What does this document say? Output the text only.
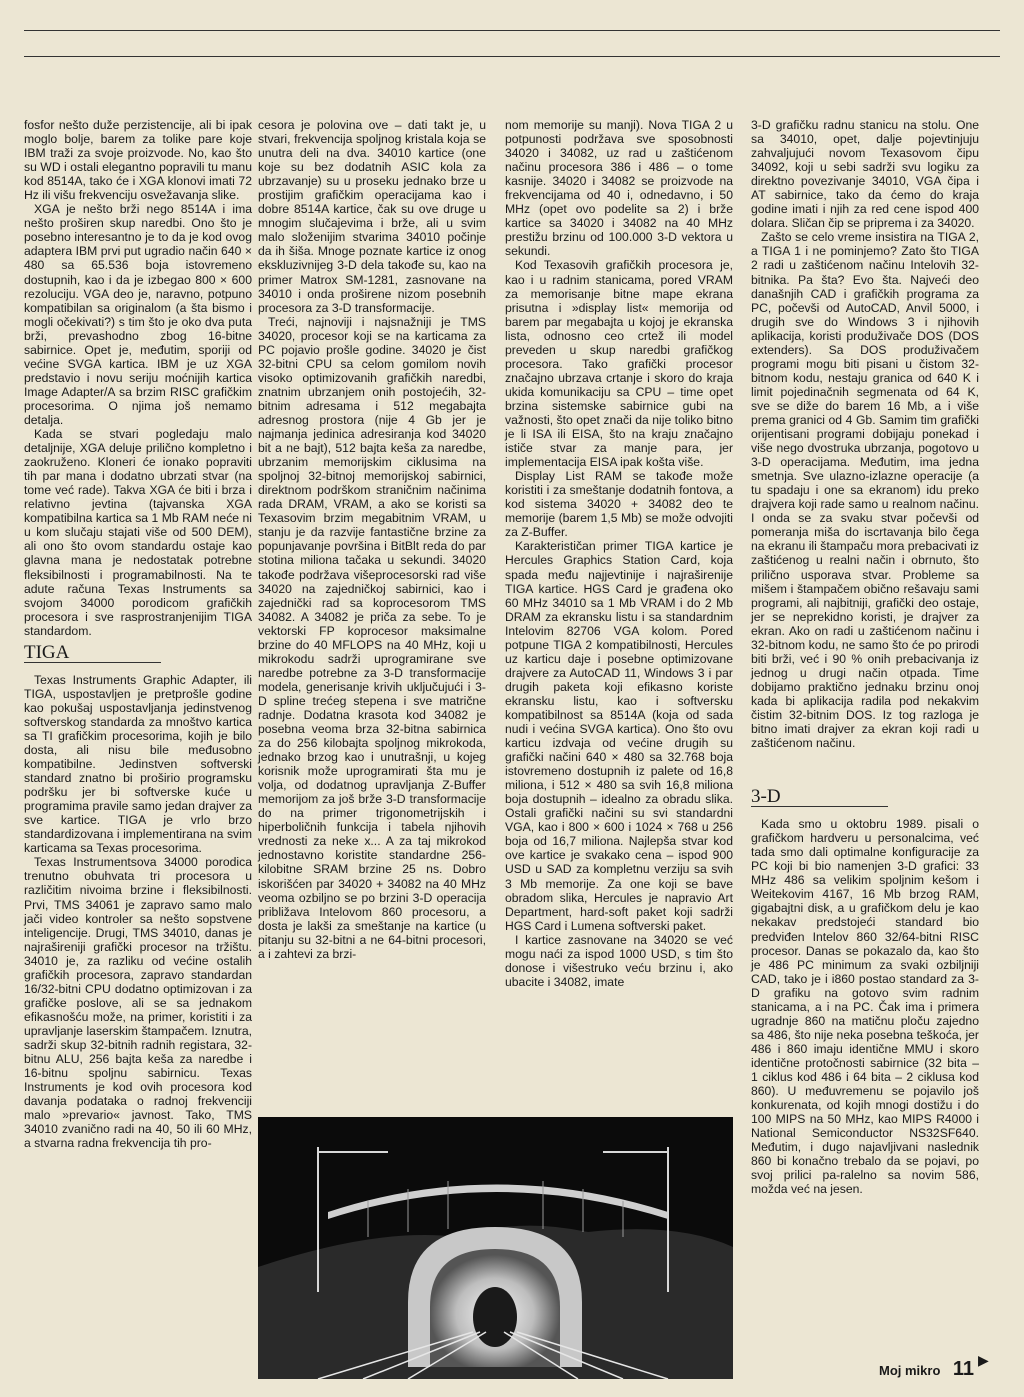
fosfor nešto duže perzistencije, ali bi ipak moglo bolje, barem za tolike pare koje IBM traži za svoje proizvode. No, kao što su WD i ostali elegantno popravili tu manu kod 8514A, tako će i XGA klonovi imati 72 Hz ili višu frekvenciju osvežavanja slike.

XGA je nešto brži nego 8514A i ima nešto proširen skup naredbi. Ono što je posebno interesantno je to da je kod ovog adaptera IBM prvi put ugradio način 640 × 480 sa 65.536 boja istovremeno dostupnih, kao i da je izbegao 800 × 600 rezoluciju. VGA deo je, naravno, potpuno kompatibilan sa originalom (a šta bismo i mogli očekivati?) s tim što je oko dva puta brži, prevashodno zbog 16-bitne sabirnice. Opet je, međutim, sporiji od većine SVGA kartica. IBM je uz XGA predstavio i novu seriju moćnijih kartica Image Adapter/A sa brzim RISC grafičkim procesorima. O njima još nemamo detalja.

Kada se stvari pogledaju malo detaljnije, XGA deluje prilično kompletno i zaokruženo. Kloneri će ionako popraviti tih par mana i dodatno ubrzati stvar (na tome već rade). Takva XGA će biti i brza i relativno jevtina (tajvanska XGA kompatibilna kartica sa 1 Mb RAM neće ni u kom slučaju stajati više od 500 DEM), ali ono što ovom standardu ostaje kao glavna mana je nedostatak potrebne fleksibilnosti i programabilnosti. Na te adute računa Texas Instruments sa svojom 34000 porodicom grafičkih procesora i sve rasprostranjenijim TIGA standardom.

TIGA

Texas Instruments Graphic Adapter, ili TIGA, uspostavljen je pretprošle godine kao pokušaj uspostavljanja jedinstvenog softverskog standarda za mnoštvo kartica sa TI grafičkim procesorima, kojih je bilo dosta, ali nisu bile međusobno kompatibilne. Jedinstven softverski standard znatno bi proširio programsku podršku jer bi softverske kuće u programima pravile samo jedan drajver za sve kartice. TIGA je vrlo brzo standardizovana i implementirana na svim karticama sa Texas procesorima.

Texas Instrumentsova 34000 porodica trenutno obuhvata tri procesora u različitim nivoima brzine i fleksibilnosti. Prvi, TMS 34061 je zapravo samo malo jači video kontroler sa nešto sopstvene inteligencije. Drugi, TMS 34010, danas je najrašireniji grafički procesor na tržištu. 34010 je, za razliku od većine ostalih grafičkih procesora, zapravo standardan 16/32-bitni CPU dodatno optimizovan i za grafičke poslove, ali se sa jednakom efikasnošću može, na primer, koristiti i za upravljanje laserskim štampačem. Iznutra, sadrži skup 32-bitnih radnih registara, 32-bitnu ALU, 256 bajta keša za naredbe i 16-bitnu spoljnu sabirnicu. Texas Instruments je kod ovih procesora kod davanja podataka o radnoj frekvenciji malo »prevario« javnost. Tako, TMS 34010 zvanično radi na 40, 50 ili 60 MHz, a stvarna radna frekvencija tih pro-

cesora je polovina ove – dati takt je, u stvari, frekvencija spoljnog kristala koja se unutra deli na dva. 34010 kartice (one koje su bez dodatnih ASIC kola za ubrzavanje) su u proseku jednako brze u prostijim grafičkim operacijama kao i dobre 8514A kartice, čak su ove druge u mnogim slučajevima i brže, ali u svim malo složenijim stvarima 34010 počinje da ih šiša. Mnoge poznate kartice iz onog ekskluzivnijeg 3-D dela takođe su, kao na primer Matrox SM-1281, zasnovane na 34010 i onda proširene nizom posebnih procesora za 3-D transformacije.

Treći, najnoviji i najsnažniji je TMS 34020, procesor koji se na karticama za PC pojavio prošle godine. 34020 je čist 32-bitni CPU sa celom gomilom novih visoko optimizovanih grafičkih naredbi, znatnim ubrzanjem onih postojećih, 32-bitnim adresama i 512 megabajta adresnog prostora (nije 4 Gb jer je najmanja jedinica adresiranja kod 34020 bit a ne bajt), 512 bajta keša za naredbe, ubrzanim memorijskim ciklusima na spoljnoj 32-bitnoj memorijskoj sabirnici, direktnom podrškom straničnim načinima rada DRAM, VRAM, a ako se koristi sa Texasovim brzim megabitnim VRAM, u stanju je da razvije fantastične brzine za popunjavanje površina i BitBlt reda do par stotina miliona tačaka u sekundi. 34020 takođe podržava višeprocesorski rad više 34020 na zajedničkoj sabirnici, kao i zajednički rad sa koprocesorom TMS 34082. A 34082 je priča za sebe. To je vektorski FP koprocesor maksimalne brzine do 40 MFLOPS na 40 MHz, koji u mikrokodu sadrži uprogramirane sve naredbe potrebne za 3-D transformacije modela, generisanje krivih uključujući i 3-D spline trećeg stepena i sve matrične radnje. Dodatna krasota kod 34082 je posebna veoma brza 32-bitna sabirnica za do 256 kilobajta spoljnog mikrokoda, jednako brzog kao i unutrašnji, u kojeg korisnik može uprogramirati šta mu je volja, od dodatnog upravljanja Z-Buffer memorijom za još brže 3-D transformacije do na primer trigonometrijskih i hiperboličnih funkcija i tabela njihovih vrednosti za neke x... A za taj mikrokod jednostavno koristite standardne 256-kilobitne SRAM brzine 25 ns. Dobro iskorišćen par 34020 + 34082 na 40 MHz veoma ozbiljno se po brzini 3-D operacija približava Intelovom 860 procesoru, a dosta je lakši za smeštanje na kartice (u pitanju su 32-bitni a ne 64-bitni procesori, a i zahtevi za brzi-

nom memorije su manji). Nova TIGA 2 u potpunosti podržava sve sposobnosti 34020 i 34082, uz rad u zaštićenom načinu procesora 386 i 486 – o tome kasnije. 34020 i 34082 se proizvode na frekvencijama od 40 i, odnedavno, i 50 MHz (opet ovo podelite sa 2) i brže kartice sa 34020 i 34082 na 40 MHz prestižu brzinu od 100.000 3-D vektora u sekundi.

Kod Texasovih grafičkih procesora je, kao i u radnim stanicama, pored VRAM za memorisanje bitne mape ekrana prisutna i »display list« memorija od barem par megabajta u kojoj je ekranska lista, odnosno ceo crtež ili model preveden u skup naredbi grafičkog procesora. Tako grafički procesor značajno ubrzava crtanje i skoro do kraja ukida komunikaciju sa CPU – time opet brzina sistemske sabirnice gubi na važnosti, što opet znači da nije toliko bitno je li ISA ili EISA, što na kraju značajno ističe stvar za manje para, jer implementacija EISA ipak košta više.

Display List RAM se takođe može koristiti i za smeštanje dodatnih fontova, a kod sistema 34020 + 34082 deo te memorije (barem 1,5 Mb) se može odvojiti za Z-Buffer.

Karakterističan primer TIGA kartice je Hercules Graphics Station Card, koja spada među najjevtinije i najraširenije TIGA kartice. HGS Card je građena oko 60 MHz 34010 sa 1 Mb VRAM i do 2 Mb DRAM za ekransku listu i sa standardnim Intelovim 82706 VGA kolom. Pored potpune TIGA 2 kompatibilnosti, Hercules uz karticu daje i posebne optimizovane drajvere za AutoCAD 11, Windows 3 i par drugih paketa koji efikasno koriste ekransku listu, kao i softversku kompatibilnost sa 8514A (koja od sada nudi i većina SVGA kartica). Ono što ovu karticu izdvaja od većine drugih su grafički načini 640 × 480 sa 32.768 boja istovremeno dostupnih iz palete od 16,8 miliona, i 512 × 480 sa svih 16,8 miliona boja dostupnih – idealno za obradu slika. Ostali grafički načini su svi standardni VGA, kao i 800 × 600 i 1024 × 768 u 256 boja od 16,7 miliona. Najlepša stvar kod ove kartice je svakako cena – ispod 900 USD u SAD za kompletnu verziju sa svih 3 Mb memorije. Za one koji se bave obradom slika, Hercules je napravio Art Department, hard-soft paket koji sadrži HGS Card i Lumena softverski paket.

I kartice zasnovane na 34020 se već mogu naći za ispod 1000 USD, s tim što donose i višestruko veću brzinu i, ako ubacite i 34082, imate

3-D grafičku radnu stanicu na stolu. One sa 34010, opet, dalje pojevtinjuju zahvaljujući novom Texasovom čipu 34092, koji u sebi sadrži svu logiku za direktno povezivanje 34010, VGA čipa i AT sabirnice, tako da ćemo do kraja godine imati i njih za red cene ispod 400 dolara. Sličan čip se priprema i za 34020.

Zašto se celo vreme insistira na TIGA 2, a TIGA 1 i ne pominjemo? Zato što TIGA 2 radi u zaštićenom načinu Intelovih 32-bitnika. Pa šta? Evo šta. Najveći deo današnjih CAD i grafičkih programa za PC, počevši od AutoCAD, Anvil 5000, i drugih sve do Windows 3 i njihovih aplikacija, koristi produživače DOS (DOS extenders). Sa DOS produživačem programi mogu biti pisani u čistom 32-bitnom kodu, nestaju granica od 640 K i limit pojedinačnih segmenata od 64 K, sve se diže do barem 16 Mb, a i više prema granici od 4 Gb. Samim tim grafički orijentisani programi dobijaju ponekad i više nego dvostruka ubrzanja, pogotovo u 3-D operacijama. Međutim, ima jedna smetnja. Sve ulazno-izlazne operacije (a tu spadaju i one sa ekranom) idu preko drajvera koji rade samo u realnom načinu. I onda se za svaku stvar počevši od pomeranja miša do iscrtavanja bilo čega na ekranu ili štampaču mora prebacivati iz zaštićenog u realni način i obrnuto, što prilično usporava stvar. Probleme sa mišem i štampačem obično rešavaju sami programi, ali najbitniji, grafički deo ostaje, jer se neprekidno koristi, je drajver za ekran. Ako on radi u zaštićenom načinu i 32-bitnom kodu, ne samo što će po prirodi biti brži, već i 90 % onih prebacivanja iz jednog u drugi način otpada. Time dobijamo praktično jednaku brzinu onoj kada bi aplikacija radila pod nekakvim čistim 32-bitnim DOS. Iz tog razloga je bitno imati drajver za ekran koji radi u zaštićenom načinu.

3-D

Kada smo u oktobru 1989. pisali o grafičkom hardveru u personalcima, već tada smo dali optimalne konfiguracije za PC koji bi bio namenjen 3-D grafici: 33 MHz 486 sa velikim spoljnim kešom i Weitekovim 4167, 16 Mb brzog RAM, gigabajtni disk, a u grafičkom delu je kao nekakav predstojeći standard bio predviđen Intelov 860 32/64-bitni RISC procesor. Danas se pokazalo da, kao što je 486 PC minimum za svaki ozbiljniji CAD, tako je i i860 postao standard za 3-D grafiku na gotovo svim radnim stanicama, a i na PC. Čak ima i primera ugradnje 860 na matičnu ploču zajedno sa 486, što nije neka posebna teškoća, jer 486 i 860 imaju identične MMU i skoro identične protočnosti sabirnice (32 bita – 1 ciklus kod 486 i 64 bita – 2 ciklusa kod 860). U međuvremenu se pojavilo još konkurenata, od kojih mnogi dostižu i do 100 MIPS na 50 MHz, kao MIPS R4000 i National Semiconductor NS32SF640. Međutim, i dugo najavljivani naslednik 860 bi konačno trebalo da se pojavi, po svoj prilici pa-ralelno sa novim 586, možda već na jesen.

▶
Moj mikro 11
